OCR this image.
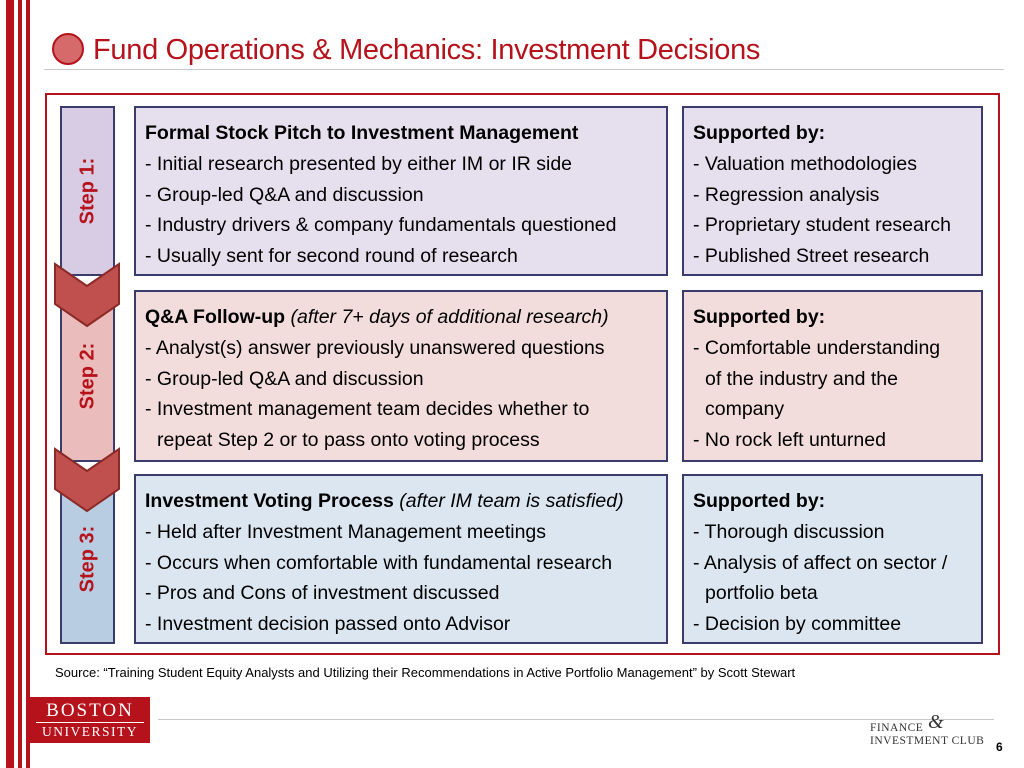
Fund Operations & Mechanics: Investment Decisions
Step 1:
Step 2:
Step 3:
Formal Stock Pitch to Investment Management
- Initial research presented by either IM or IR side
- Group-led Q&A and discussion
- Industry drivers & company fundamentals questioned
- Usually sent for second round of research
Supported by:
- Valuation methodologies
- Regression analysis
- Proprietary student research
- Published Street research
Q&A Follow-up (after 7+ days of additional research)
- Analyst(s) answer previously unanswered questions
- Group-led Q&A and discussion
- Investment management team decides whether to
repeat Step 2 or to pass onto voting process
Supported by:
- Comfortable understanding
of the industry and the
company
- No rock left unturned
Investment Voting Process (after IM team is satisfied)
- Held after Investment Management meetings
- Occurs when comfortable with fundamental research
- Pros and Cons of investment discussed
- Investment decision passed onto Advisor
Supported by:
- Thorough discussion
- Analysis of affect on sector /
portfolio beta
- Decision by committee
Source: “Training Student Equity Analysts and Utilizing their Recommendations in Active Portfolio Management” by Scott Stewart
BOSTON
UNIVERSITY	FINANCE &
INVESTMENT CLUB 6
